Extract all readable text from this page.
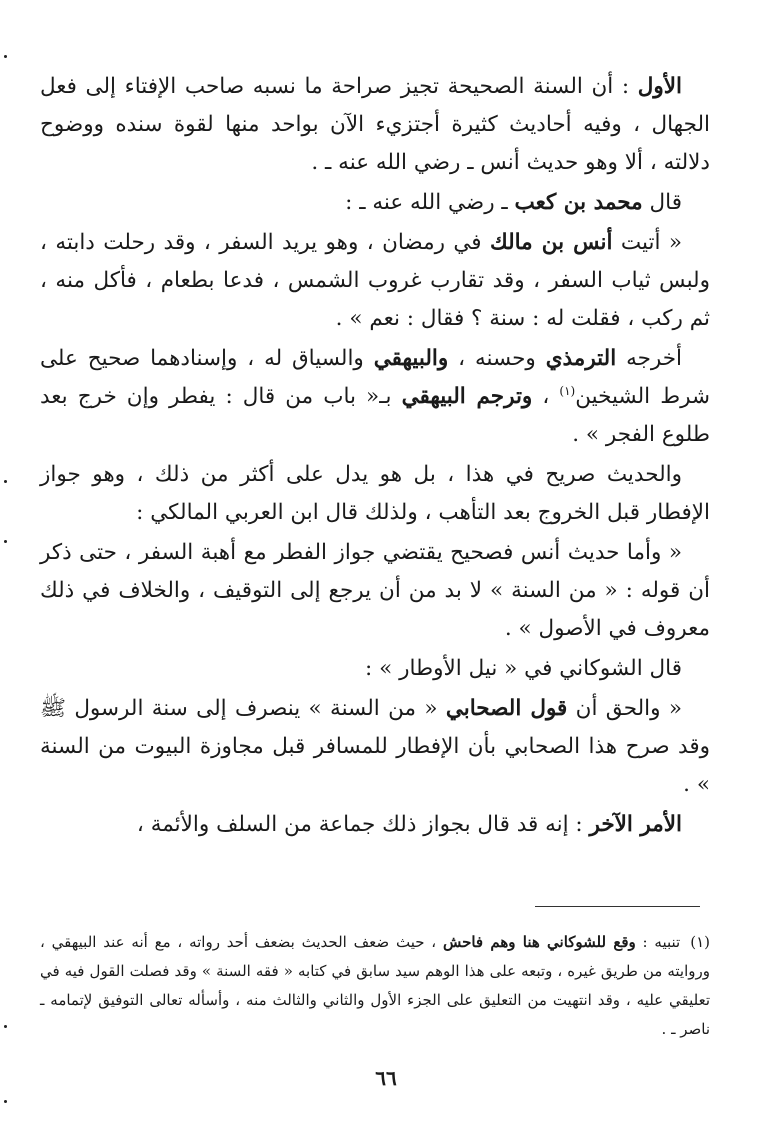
الأول : أن السنة الصحيحة تجيز صراحة ما نسبه صاحب الإفتاء إلى فعل الجهال ، وفيه أحاديث كثيرة أجتزيء الآن بواحد منها لقوة سنده ووضوح دلالته ، ألا وهو حديث أنس ـ رضي الله عنه ـ .

قال محمد بن كعب ـ رضي الله عنه ـ :

« أتيت أنس بن مالك في رمضان ، وهو يريد السفر ، وقد رحلت دابته ، ولبس ثياب السفر ، وقد تقارب غروب الشمس ، فدعا بطعام ، فأكل منه ، ثم ركب ، فقلت له : سنة ؟ فقال : نعم » .

أخرجه الترمذي وحسنه ، والبيهقي والسياق له ، وإسنادهما صحيح على شرط الشيخين$^{(١)}$ ، وترجم البيهقي بـ« باب من قال : يفطر وإن خرج بعد طلوع الفجر » .

والحديث صريح في هذا ، بل هو يدل على أكثر من ذلك ، وهو جواز الإفطار قبل الخروج بعد التأهب ، ولذلك قال ابن العربي المالكي :

« وأما حديث أنس فصحيح يقتضي جواز الفطر مع أهبة السفر ، حتى ذكر أن قوله : « من السنة » لا بد من أن يرجع إلى التوقيف ، والخلاف في ذلك معروف في الأصول » .

قال الشوكاني في « نيل الأوطار » :

« والحق أن قول الصحابي « من السنة » ينصرف إلى سنة الرسول ﷺ وقد صرح هذا الصحابي بأن الإفطار للمسافر قبل مجاوزة البيوت من السنة » .

الأمر الآخر : إنه قد قال بجواز ذلك جماعة من السلف والأئمة ،

(١)تنبيه : وقع للشوكاني هنا وهم فاحش ، حيث ضعف الحديث بضعف أحد رواته ، مع أنه عند البيهقي ، وروايته من طريق غيره ، وتبعه على هذا الوهم سيد سابق في كتابه « فقه السنة » وقد فصلت القول فيه في تعليقي عليه ، وقد انتهيت من التعليق على الجزء الأول والثاني والثالث منه ، وأسأله تعالى التوفيق لإتمامه ـ ناصر ـ .
٦٦
